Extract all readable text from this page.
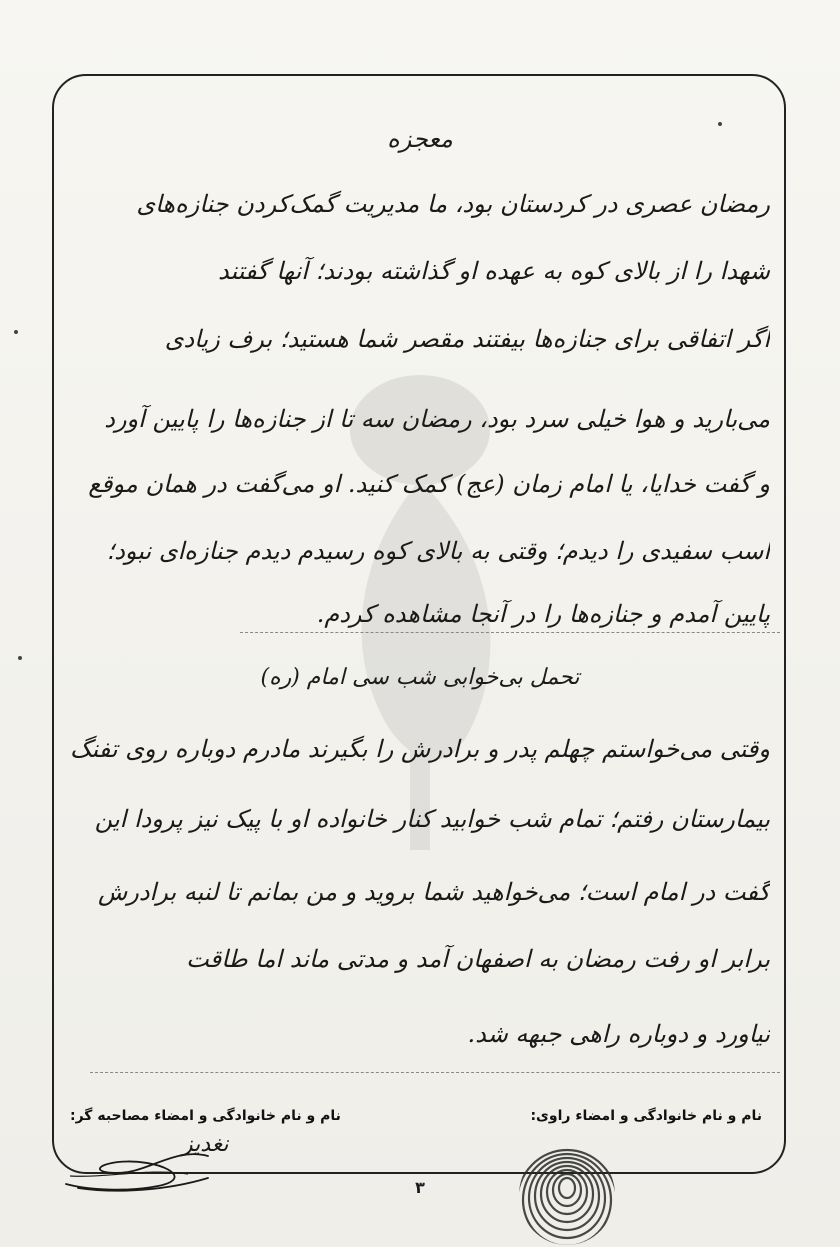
معجزه
رمضان عصری در کردستان بود، ما مدیریت گمک‌کردن جنازه‌های
شهدا را از بالای کوه به عهده او گذاشته بودند؛ آنها گفتند
اگر اتفاقی برای جنازه‌ها بیفتند مقصر شما هستید؛ برف زیادی
می‌بارید و هوا خیلی سرد بود، رمضان سه تا از جنازه‌ها را پایین آورد
و گفت خدایا، یا امام زمان (عج) کمک کنید. او می‌گفت در همان موقع
اسب سفیدی را دیدم؛ وقتی به بالای کوه رسیدم دیدم جنازه‌ای نبود؛
پایین آمدم و جنازه‌ها را در آنجا مشاهده کردم.
تحمل بی‌خوابی شب سی امام (ره)
وقتی می‌خواستم چهلم پدر و برادرش را بگیرند مادرم دوباره روی تفنگ
بیمارستان رفتم؛ تمام شب خوابید کنار خانواده او با پیک نیز پرودا این
گفت در امام است؛ می‌خواهید شما بروید و من بمانم تا لنبه برادرش
برابر او رفت رمضان به اصفهان آمد و مدتی ماند اما طاقت
نیاورد و دوباره راهی جبهه شد.
نام و نام خانوادگی و امضاء راوی:
نام و نام خانوادگی و امضاء مصاحبه گر:
نغدیز
۳
